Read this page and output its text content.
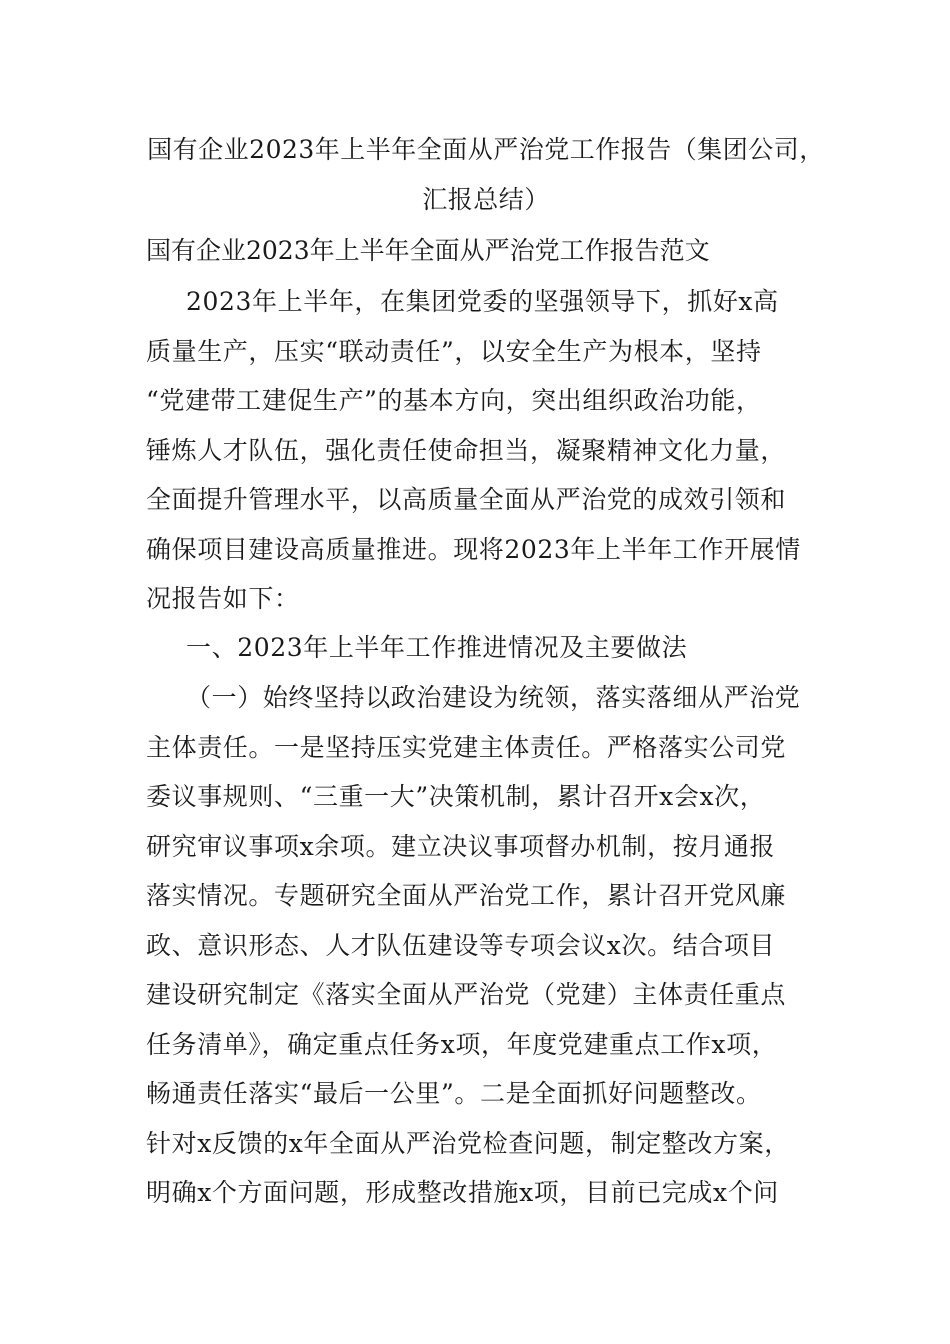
国有企业2023年上半年全面从严治党工作报告（集团公司，汇报总结）
国有企业2023年上半年全面从严治党工作报告范文
2023年上半年，在集团党委的坚强领导下，抓好x高
质量生产，压实“联动责任”，以安全生产为根本，坚持
“党建带工建促生产”的基本方向，突出组织政治功能，
锤炼人才队伍，强化责任使命担当，凝聚精神文化力量，
全面提升管理水平，以高质量全面从严治党的成效引领和
确保项目建设高质量推进。现将2023年上半年工作开展情
况报告如下：
一、2023年上半年工作推进情况及主要做法
（一）始终坚持以政治建设为统领，落实落细从严治党
主体责任。一是坚持压实党建主体责任。严格落实公司党
委议事规则、“三重一大”决策机制，累计召开x会x次，
研究审议事项x余项。建立决议事项督办机制，按月通报
落实情况。专题研究全面从严治党工作，累计召开党风廉
政、意识形态、人才队伍建设等专项会议x次。结合项目
建设研究制定《落实全面从严治党（党建）主体责任重点
任务清单》，确定重点任务x项，年度党建重点工作x项，
畅通责任落实“最后一公里”。二是全面抓好问题整改。
针对x反馈的x年全面从严治党检查问题，制定整改方案，
明确x个方面问题，形成整改措施x项，目前已完成x个问
